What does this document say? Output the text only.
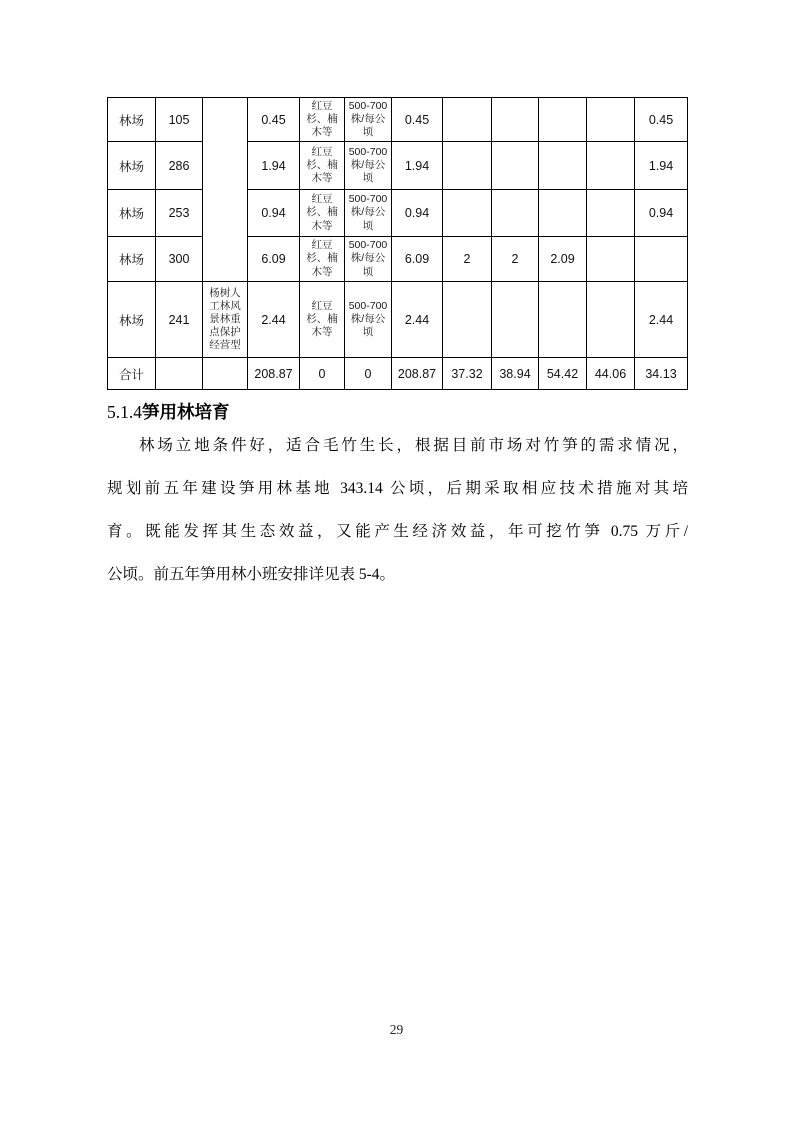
林场	105		0.45	红豆杉、楠木等	500-700株/每公顷	0.45					0.45
林场	286		1.94	红豆杉、楠木等	500-700株/每公顷	1.94					1.94
林场	253		0.94	红豆杉、楠木等	500-700株/每公顷	0.94					0.94
林场	300		6.09	红豆杉、楠木等	500-700株/每公顷	6.09	2	2	2.09		
林场	241	杨树人工林风景林重点保护经营型	2.44	红豆杉、楠木等	500-700株/每公顷	2.44					2.44
合计			208.87	0	0	208.87	37.32	38.94	54.42	44.06	34.13
5.1.4笋用林培育
林场立地条件好，适合毛竹生长，根据目前市场对竹笋的需求情况，
规划前五年建设笋用林基地 343.14 公顷，后期采取相应技术措施对其培
育。既能发挥其生态效益，又能产生经济效益，年可挖竹笋 0.75 万斤/
公顷。前五年笋用林小班安排详见表 5-4。
29
